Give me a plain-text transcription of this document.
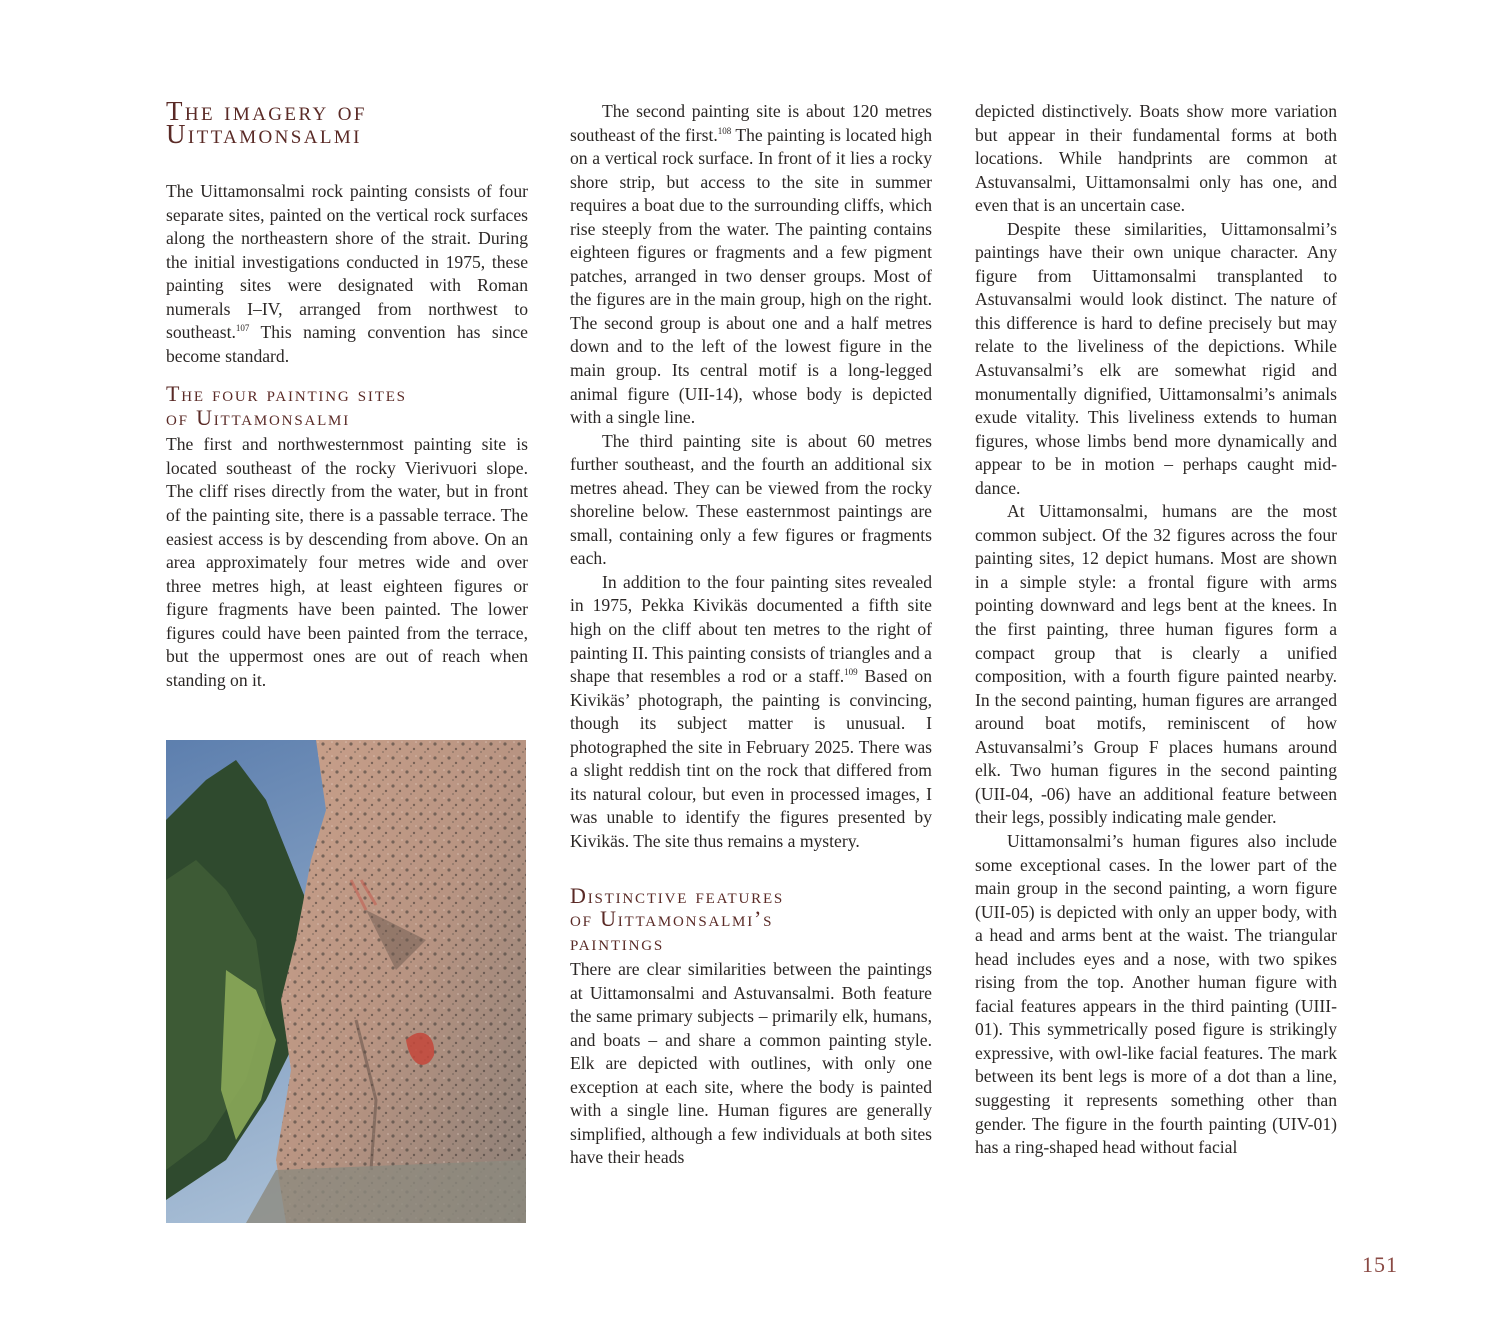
The imagery of
Uittamonsalmi

The Uittamonsalmi rock painting consists of four separate sites, painted on the vertical rock surfaces along the northeastern shore of the strait. During the initial investigations conducted in 1975, these painting sites were designated with Roman numerals I–IV, arranged from northwest to southeast.$^{107}$ This naming convention has since become standard.

The four painting sites
of Uittamonsalmi

The first and northwesternmost painting site is located southeast of the rocky Vierivuori slope. The cliff rises directly from the water, but in front of the painting site, there is a passable terrace. The easiest access is by descending from above. On an area approximately four metres wide and over three metres high, at least eighteen figures or figure fragments have been painted. The lower figures could have been painted from the terrace, but the uppermost ones are out of reach when standing on it.

The second painting site is about 120 metres southeast of the first.$^{108}$ The painting is located high on a vertical rock surface. In front of it lies a rocky shore strip, but access to the site in summer requires a boat due to the surrounding cliffs, which rise steeply from the water. The painting contains eighteen figures or fragments and a few pigment patches, arranged in two denser groups. Most of the figures are in the main group, high on the right. The second group is about one and a half metres down and to the left of the lowest figure in the main group. Its central motif is a long-legged animal figure (UII-14), whose body is depicted with a single line.

The third painting site is about 60 metres further southeast, and the fourth an additional six metres ahead. They can be viewed from the rocky shoreline below. These easternmost paintings are small, containing only a few figures or fragments each.

In addition to the four painting sites revealed in 1975, Pekka Kivikäs documented a fifth site high on the cliff about ten metres to the right of painting II. This painting consists of triangles and a shape that resembles a rod or a staff.$^{109}$ Based on Kivikäs’ photograph, the painting is convincing, though its subject matter is unusual. I photographed the site in February 2025. There was a slight reddish tint on the rock that differed from its natural colour, but even in processed images, I was unable to identify the figures presented by Kivikäs. The site thus remains a mystery.

Distinctive features
of Uittamonsalmi’s
paintings

There are clear similarities between the paintings at Uittamonsalmi and Astuvansalmi. Both feature the same primary subjects – primarily elk, humans, and boats – and share a common painting style. Elk are depicted with outlines, with only one exception at each site, where the body is painted with a single line. Human figures are generally simplified, although a few individuals at both sites have their heads

depicted distinctively. Boats show more variation but appear in their fundamental forms at both locations. While handprints are common at Astuvansalmi, Uittamonsalmi only has one, and even that is an uncertain case.

Despite these similarities, Uittamonsalmi’s paintings have their own unique character. Any figure from Uittamonsalmi transplanted to Astuvansalmi would look distinct. The nature of this difference is hard to define precisely but may relate to the liveliness of the depictions. While Astuvansalmi’s elk are somewhat rigid and monumentally dignified, Uittamonsalmi’s animals exude vitality. This liveliness extends to human figures, whose limbs bend more dynamically and appear to be in motion – perhaps caught mid-dance.

At Uittamonsalmi, humans are the most common subject. Of the 32 figures across the four painting sites, 12 depict humans. Most are shown in a simple style: a frontal figure with arms pointing downward and legs bent at the knees. In the first painting, three human figures form a compact group that is clearly a unified composition, with a fourth figure painted nearby. In the second painting, human figures are arranged around boat motifs, reminiscent of how Astuvansalmi’s Group F places humans around elk. Two human figures in the second painting (UII-04, -06) have an additional feature between their legs, possibly indicating male gender.

Uittamonsalmi’s human figures also include some exceptional cases. In the lower part of the main group in the second painting, a worn figure (UII-05) is depicted with only an upper body, with a head and arms bent at the waist. The triangular head includes eyes and a nose, with two spikes rising from the top. Another human figure with facial features appears in the third painting (UIII-01). This symmetrically posed figure is strikingly expressive, with owl-like facial features. The mark between its bent legs is more of a dot than a line, suggesting it represents something other than gender. The figure in the fourth painting (UIV-01) has a ring-shaped head without facial

151
